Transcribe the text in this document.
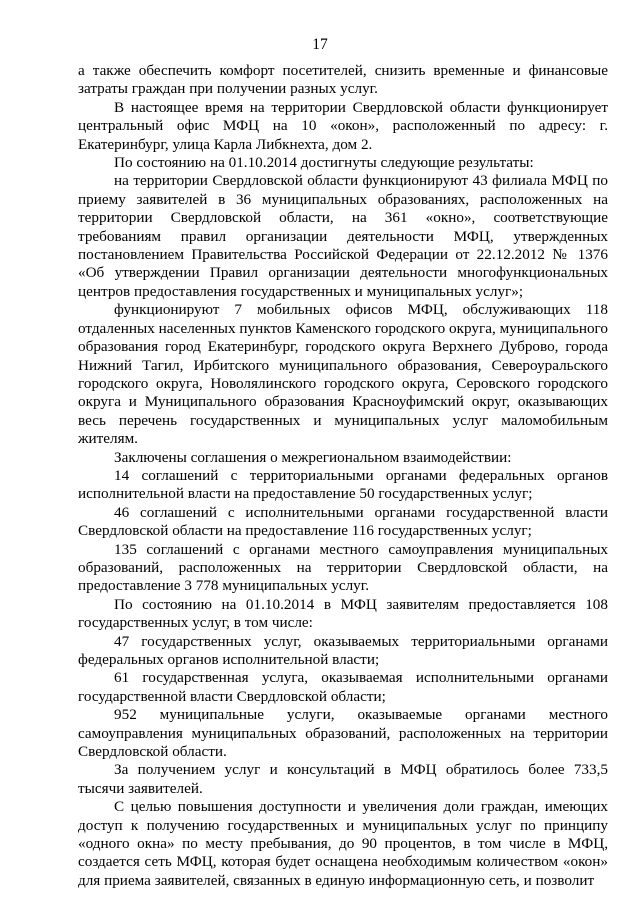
17

а также обеспечить комфорт посетителей, снизить временные и финансовые затраты граждан при получении разных услуг.

В настоящее время на территории Свердловской области функционирует центральный офис МФЦ на 10 «окон», расположенный по адресу: г. Екатеринбург, улица Карла Либкнехта, дом 2.

По состоянию на 01.10.2014 достигнуты следующие результаты:

на территории Свердловской области функционируют 43 филиала МФЦ по приему заявителей в 36 муниципальных образованиях, расположенных на территории Свердловской области, на 361 «окно», соответствующие требованиям правил организации деятельности МФЦ, утвержденных постановлением Правительства Российской Федерации от 22.12.2012 № 1376 «Об утверждении Правил организации деятельности многофункциональных центров предоставления государственных и муниципальных услуг»;

функционируют 7 мобильных офисов МФЦ, обслуживающих 118 отдаленных населенных пунктов Каменского городского округа, муниципального образования город Екатеринбург, городского округа Верхнего Дуброво, города Нижний Тагил, Ирбитского муниципального образования, Североуральского городского округа, Новолялинского городского округа, Серовского городского округа и Муниципального образования Красноуфимский округ, оказывающих весь перечень государственных и муниципальных услуг маломобильным жителям.

Заключены соглашения о межрегиональном взаимодействии:

14 соглашений с территориальными органами федеральных органов исполнительной власти на предоставление 50 государственных услуг;

46 соглашений с исполнительными органами государственной власти Свердловской области на предоставление 116 государственных услуг;

135 соглашений с органами местного самоуправления муниципальных образований, расположенных на территории Свердловской области, на предоставление 3 778 муниципальных услуг.

По состоянию на 01.10.2014 в МФЦ заявителям предоставляется 108 государственных услуг, в том числе:

47 государственных услуг, оказываемых территориальными органами федеральных органов исполнительной власти;

61 государственная услуга, оказываемая исполнительными органами государственной власти Свердловской области;

952 муниципальные услуги, оказываемые органами местного самоуправления муниципальных образований, расположенных на территории Свердловской области.

За получением услуг и консультаций в МФЦ обратилось более 733,5 тысячи заявителей.

С целью повышения доступности и увеличения доли граждан, имеющих доступ к получению государственных и муниципальных услуг по принципу «одного окна» по месту пребывания, до 90 процентов, в том числе в МФЦ, создается сеть МФЦ, которая будет оснащена необходимым количеством «окон» для приема заявителей, связанных в единую информационную сеть, и позволит
